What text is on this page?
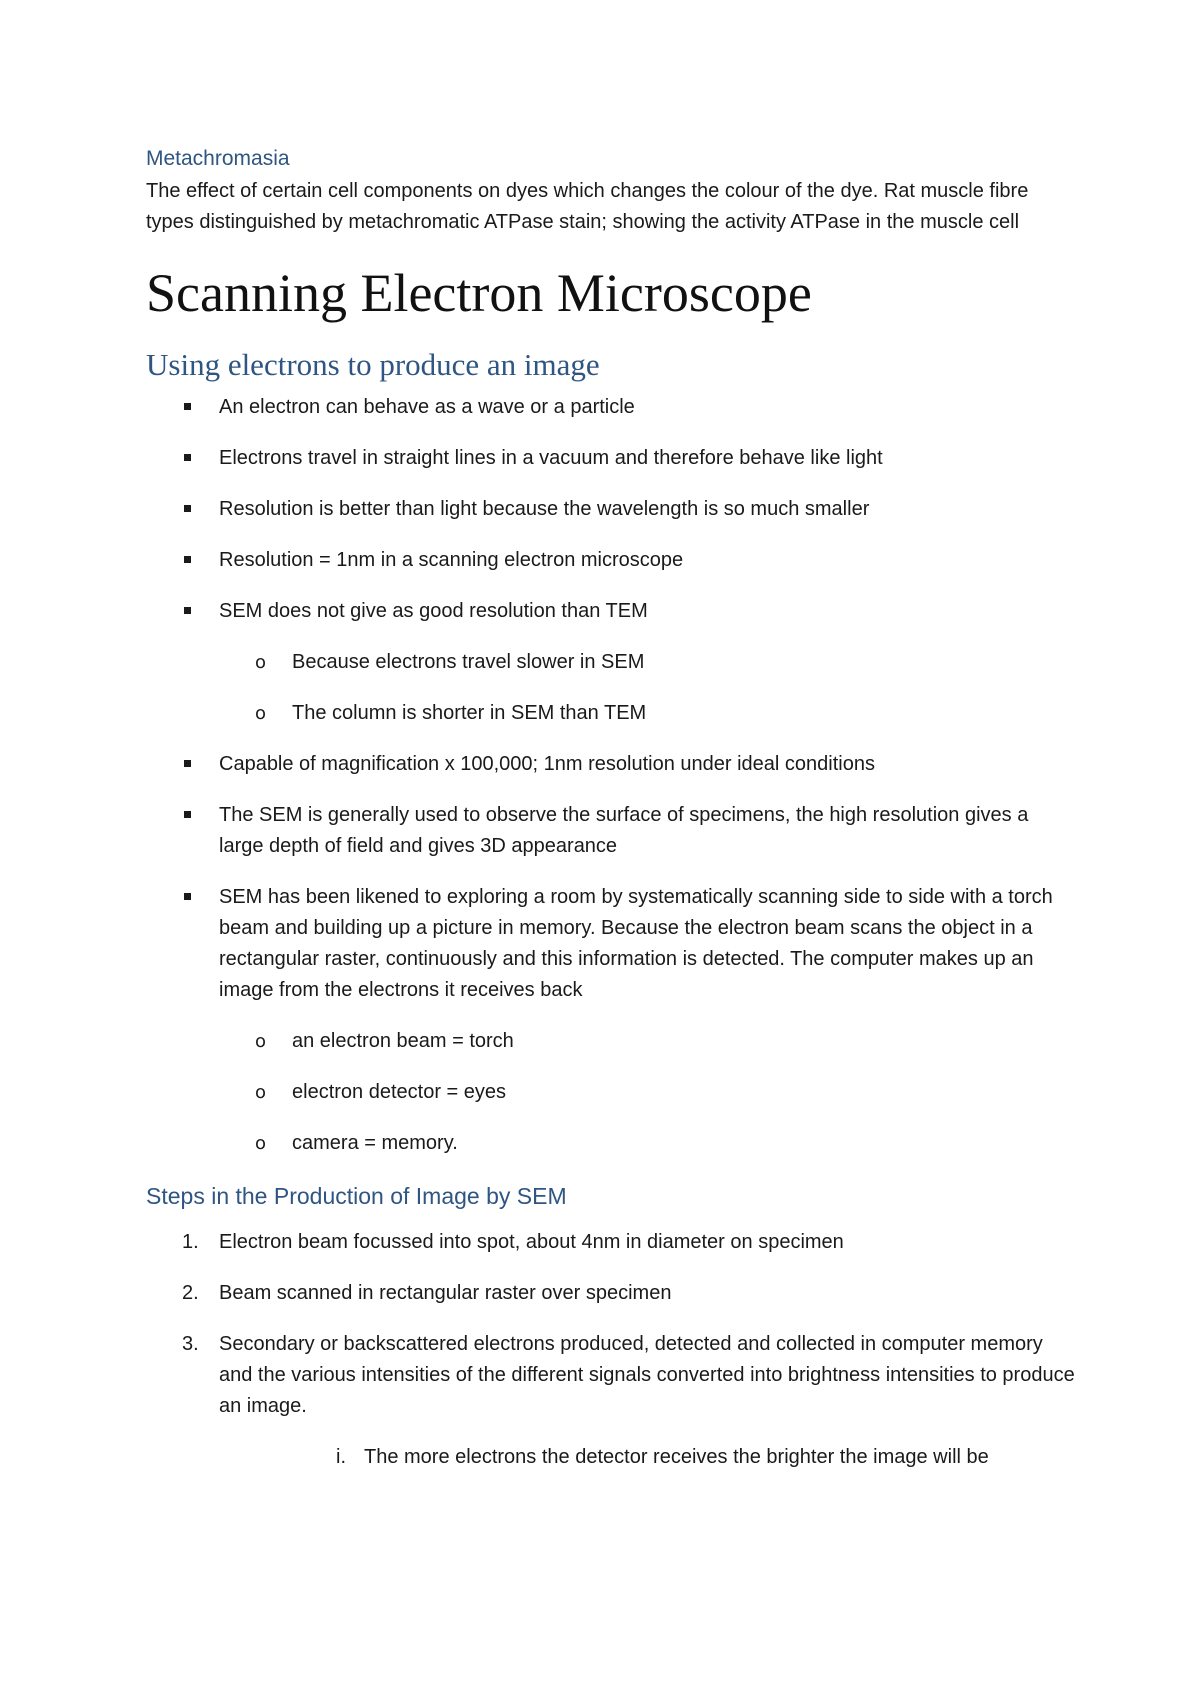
Metachromasia

The effect of certain cell components on dyes which changes the colour of the dye. Rat muscle fibre
types distinguished by metachromatic ATPase stain; showing the activity ATPase in the muscle cell

Scanning Electron Microscope
Using electrons to produce an image
An electron can behave as a wave or a particle
Electrons travel in straight lines in a vacuum and therefore behave like light
Resolution is better than light because the wavelength is so much smaller
Resolution = 1nm in a scanning electron microscope
SEM does not give as good resolution than TEM
o Because electrons travel slower in SEM
o The column is shorter in SEM than TEM
Capable of magnification x 100,000; 1nm resolution under ideal conditions
The SEM is generally used to observe the surface of specimens, the high resolution gives a large depth of field and gives 3D appearance
SEM has been likened to exploring a room by systematically scanning side to side with a torch beam and building up a picture in memory. Because the electron beam scans the object in a rectangular raster, continuously and this information is detected. The computer makes up an image from the electrons it receives back
o an electron beam = torch
o electron detector = eyes
o camera = memory.
Steps in the Production of Image by SEM
1. Electron beam focussed into spot, about 4nm in diameter on specimen
2. Beam scanned in rectangular raster over specimen
3. Secondary or backscattered electrons produced, detected and collected in computer memory and the various intensities of the different signals converted into brightness intensities to produce an image.
i. The more electrons the detector receives the brighter the image will be
